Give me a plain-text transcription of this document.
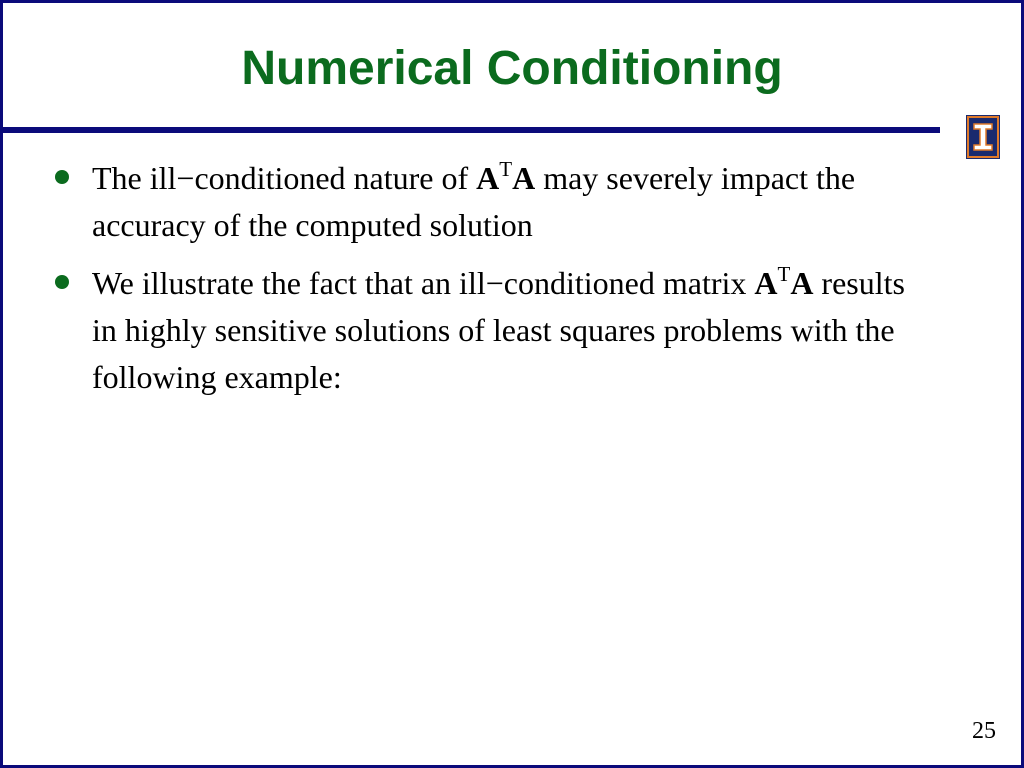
Numerical Conditioning
The ill−conditioned nature of $A^TA$ may severely impact the accuracy of the computed solution
We illustrate the fact that an ill−conditioned matrix $A^TA$ results in highly sensitive solutions of least squares problems with the following example:
25
